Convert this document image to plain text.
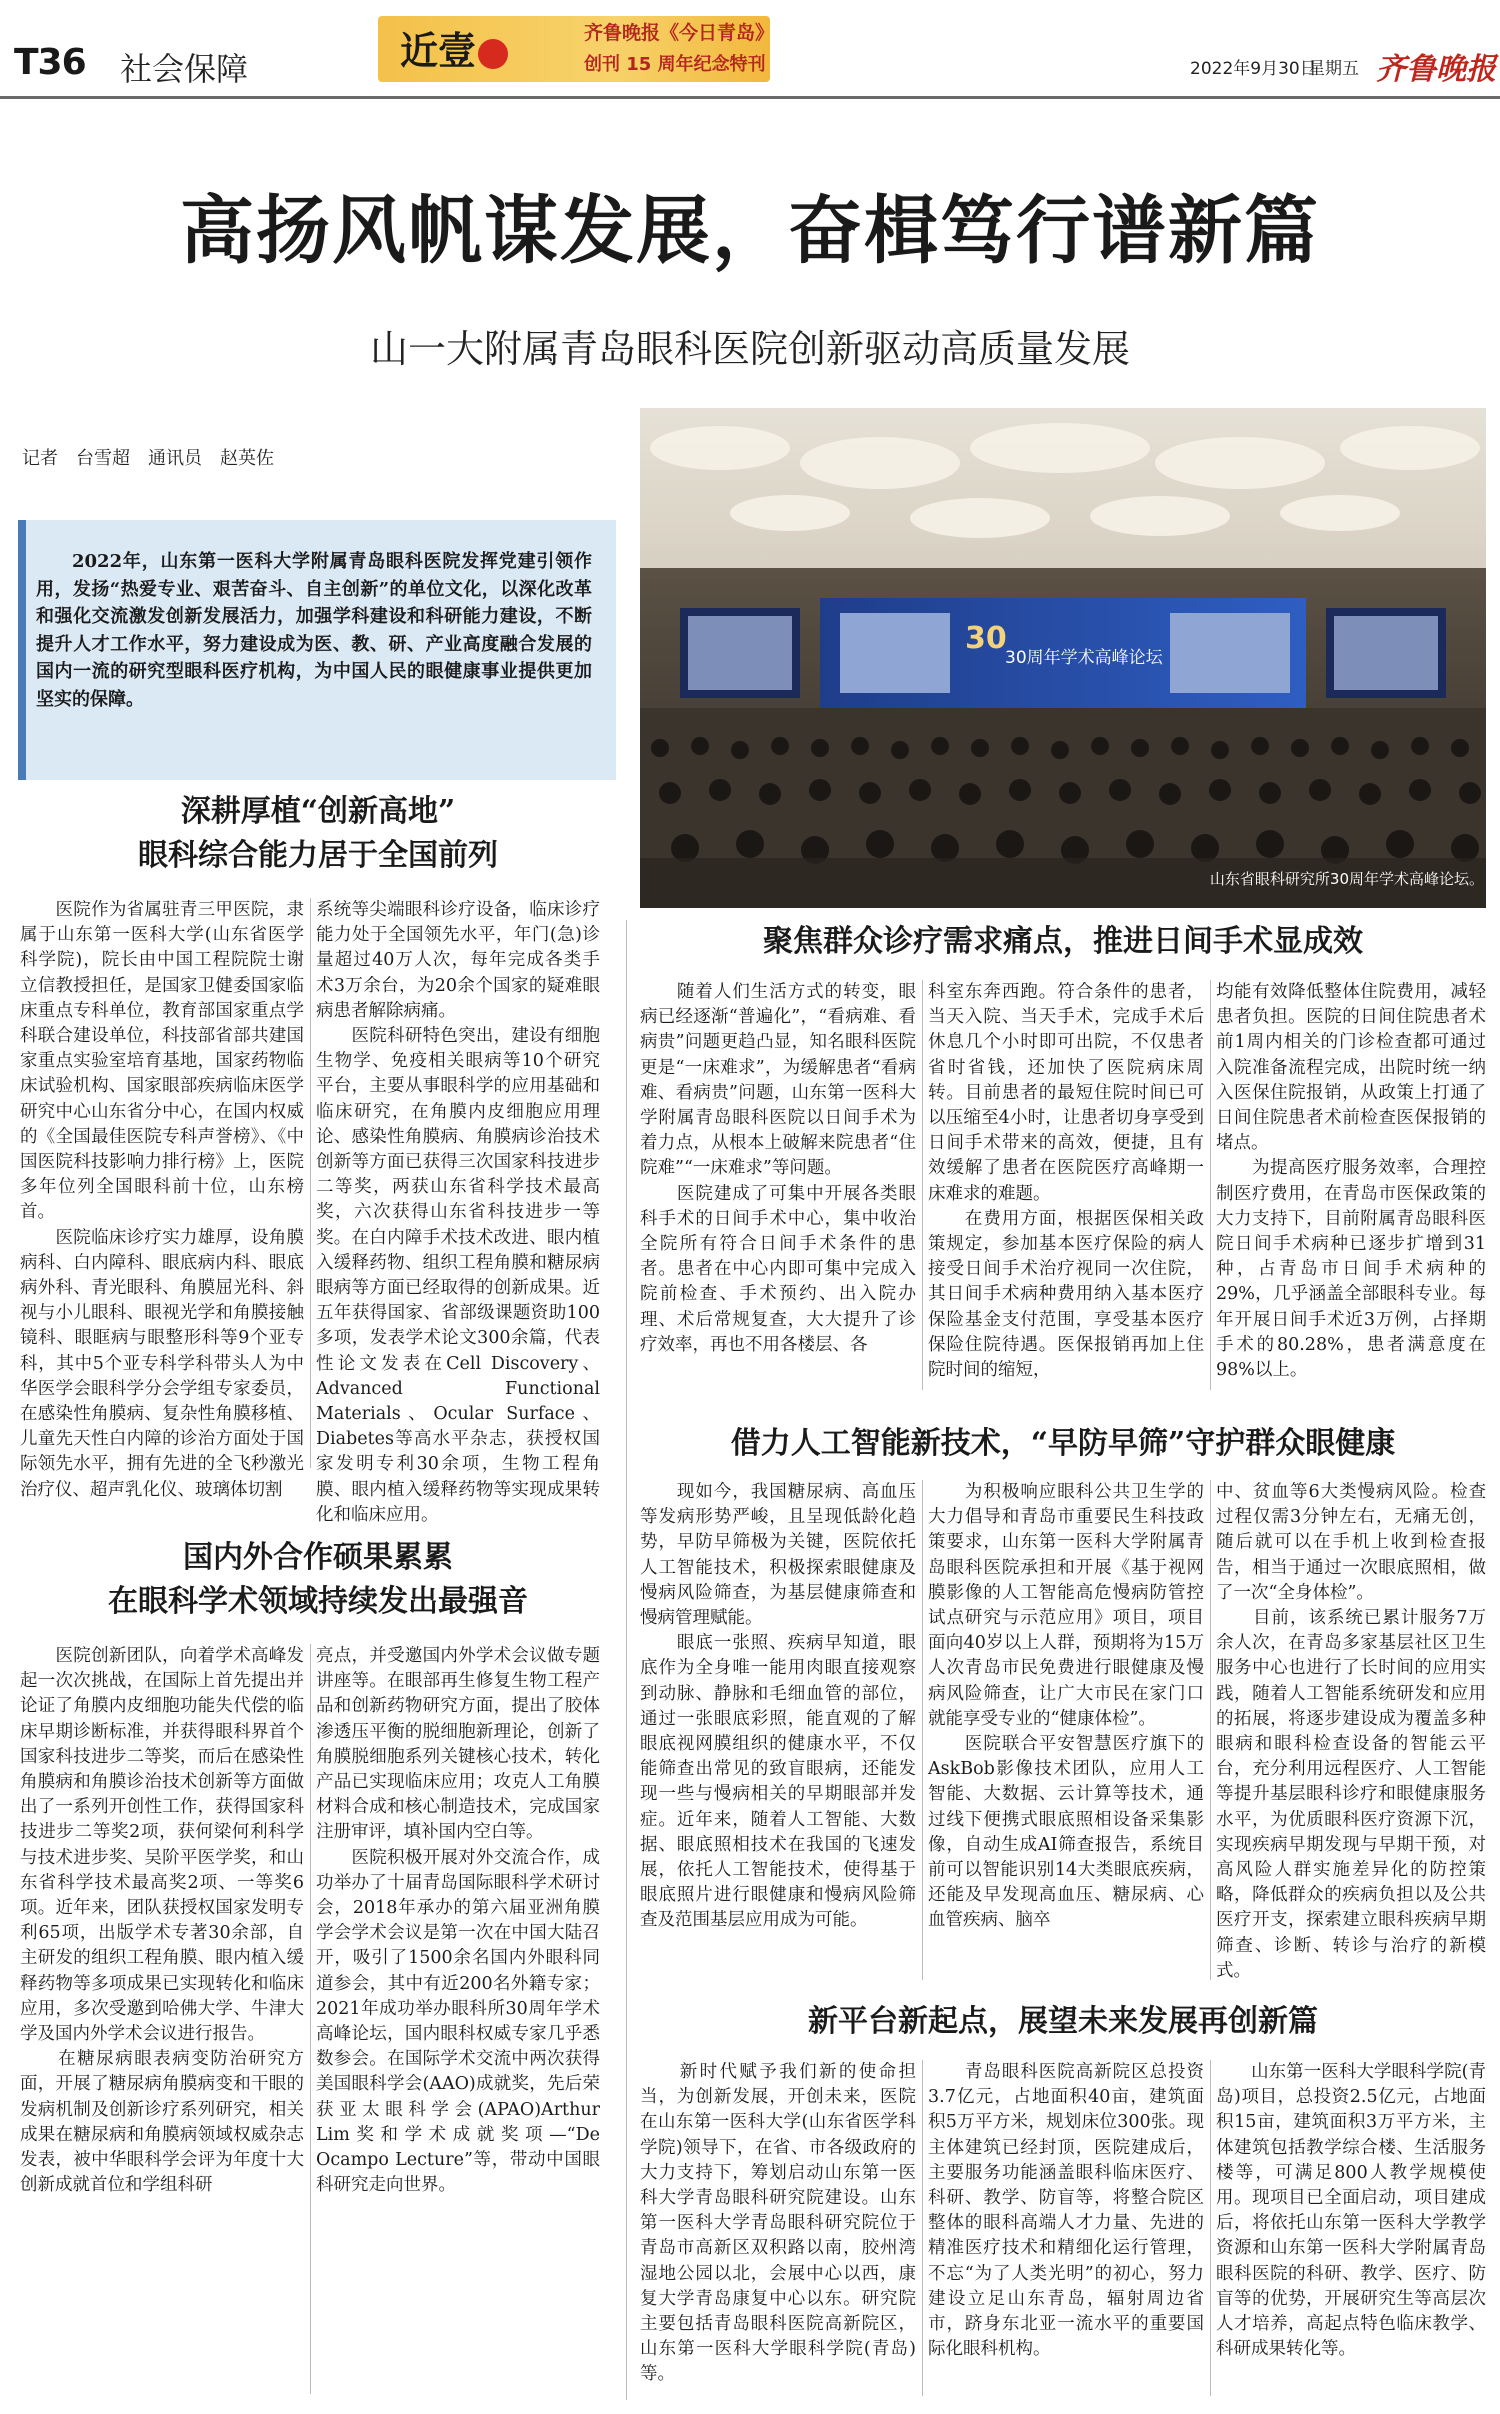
T36 社会保障	近壹	齐鲁晚报《今日青岛》
创刊 15 周年纪念特刊	2022年9月30日
星期五 齐鲁晚报
高扬风帆谋发展，奋楫笃行谱新篇
山一大附属青岛眼科医院创新驱动高质量发展
记者　台雪超　通讯员　赵英佐
2022年，山东第一医科大学附属青岛眼科医院发挥党建引领作用，发扬“热爱专业、艰苦奋斗、自主创新”的单位文化，以深化改革和强化交流激发创新发展活力，加强学科建设和科研能力建设，不断提升人才工作水平，努力建设成为医、教、研、产业高度融合发展的国内一流的研究型眼科医疗机构，为中国人民的眼健康事业提供更加坚实的保障。
30
30周年学术高峰论坛
山东省眼科研究所30周年学术高峰论坛。
深耕厚植“创新高地”
眼科综合能力居于全国前列
　　医院作为省属驻青三甲医院，隶属于山东第一医科大学(山东省医学科学院)，院长由中国工程院院士谢立信教授担任，是国家卫健委国家临床重点专科单位，教育部国家重点学科联合建设单位，科技部省部共建国家重点实验室培育基地，国家药物临床试验机构、国家眼部疾病临床医学研究中心山东省分中心，在国内权威的《全国最佳医院专科声誉榜》、《中国医院科技影响力排行榜》上，医院多年位列全国眼科前十位，山东榜首。
　　医院临床诊疗实力雄厚，设角膜病科、白内障科、眼底病内科、眼底病外科、青光眼科、角膜屈光科、斜视与小儿眼科、眼视光学和角膜接触镜科、眼眶病与眼整形科等9个亚专科，其中5个亚专科学科带头人为中华医学会眼科学分会学组专家委员，在感染性角膜病、复杂性角膜移植、儿童先天性白内障的诊治方面处于国际领先水平，拥有先进的全飞秒激光治疗仪、超声乳化仪、玻璃体切割
系统等尖端眼科诊疗设备，临床诊疗能力处于全国领先水平，年门(急)诊量超过40万人次，每年完成各类手术3万余台，为20余个国家的疑难眼病患者解除病痛。
　　医院科研特色突出，建设有细胞生物学、免疫相关眼病等10个研究平台，主要从事眼科学的应用基础和临床研究，在角膜内皮细胞应用理论、感染性角膜病、角膜病诊治技术创新等方面已获得三次国家科技进步二等奖，两获山东省科学技术最高奖，六次获得山东省科技进步一等奖。在白内障手术技术改进、眼内植入缓释药物、组织工程角膜和糖尿病眼病等方面已经取得的创新成果。近五年获得国家、省部级课题资助100多项，发表学术论文300余篇，代表性论文发表在Cell Discovery、Advanced Functional Materials、Ocular Surface、Diabetes等高水平杂志，获授权国家发明专利30余项，生物工程角膜、眼内植入缓释药物等实现成果转化和临床应用。
国内外合作硕果累累
在眼科学术领域持续发出最强音
　　医院创新团队，向着学术高峰发起一次次挑战，在国际上首先提出并论证了角膜内皮细胞功能失代偿的临床早期诊断标准，并获得眼科界首个国家科技进步二等奖，而后在感染性角膜病和角膜诊治技术创新等方面做出了一系列开创性工作，获得国家科技进步二等奖2项，获何梁何利科学与技术进步奖、吴阶平医学奖，和山东省科学技术最高奖2项、一等奖6项。近年来，团队获授权国家发明专利65项，出版学术专著30余部，自主研发的组织工程角膜、眼内植入缓释药物等多项成果已实现转化和临床应用，多次受邀到哈佛大学、牛津大学及国内外学术会议进行报告。
　　在糖尿病眼表病变防治研究方面，开展了糖尿病角膜病变和干眼的发病机制及创新诊疗系列研究，相关成果在糖尿病和角膜病领域权威杂志发表，被中华眼科学会评为年度十大创新成就首位和学组科研
亮点，并受邀国内外学术会议做专题讲座等。在眼部再生修复生物工程产品和创新药物研究方面，提出了胶体渗透压平衡的脱细胞新理论，创新了角膜脱细胞系列关键核心技术，转化产品已实现临床应用；攻克人工角膜材料合成和核心制造技术，完成国家注册审评，填补国内空白等。
　　医院积极开展对外交流合作，成功举办了十届青岛国际眼科学术研讨会，2018年承办的第六届亚洲角膜学会学术会议是第一次在中国大陆召开，吸引了1500余名国内外眼科同道参会，其中有近200名外籍专家；2021年成功举办眼科所30周年学术高峰论坛，国内眼科权威专家几乎悉数参会。在国际学术交流中两次获得美国眼科学会(AAO)成就奖，先后荣获亚太眼科学会(APAO)Arthur Lim奖和学术成就奖项—“De Ocampo Lecture”等，带动中国眼科研究走向世界。
聚焦群众诊疗需求痛点，推进日间手术显成效
　　随着人们生活方式的转变，眼病已经逐渐“普遍化”，“看病难、看病贵”问题更趋凸显，知名眼科医院更是“一床难求”，为缓解患者“看病难、看病贵”问题，山东第一医科大学附属青岛眼科医院以日间手术为着力点，从根本上破解来院患者“住院难”“一床难求”等问题。
　　医院建成了可集中开展各类眼科手术的日间手术中心，集中收治全院所有符合日间手术条件的患者。患者在中心内即可集中完成入院前检查、手术预约、出入院办理、术后常规复查，大大提升了诊疗效率，再也不用各楼层、各
科室东奔西跑。符合条件的患者，当天入院、当天手术，完成手术后休息几个小时即可出院，不仅患者省时省钱，还加快了医院病床周转。目前患者的最短住院时间已可以压缩至4小时，让患者切身享受到日间手术带来的高效，便捷，且有效缓解了患者在医院医疗高峰期一床难求的难题。
　　在费用方面，根据医保相关政策规定，参加基本医疗保险的病人接受日间手术治疗视同一次住院，其日间手术病种费用纳入基本医疗保险基金支付范围，享受基本医疗保险住院待遇。医保报销再加上住院时间的缩短，
均能有效降低整体住院费用，减轻患者负担。医院的日间住院患者术前1周内相关的门诊检查都可通过入院准备流程完成，出院时统一纳入医保住院报销，从政策上打通了日间住院患者术前检查医保报销的堵点。
　　为提高医疗服务效率，合理控制医疗费用，在青岛市医保政策的大力支持下，目前附属青岛眼科医院日间手术病种已逐步扩增到31种，占青岛市日间手术病种的29%，几乎涵盖全部眼科专业。每年开展日间手术近3万例，占择期手术的80.28%，患者满意度在98%以上。
借力人工智能新技术，“早防早筛”守护群众眼健康
　　现如今，我国糖尿病、高血压等发病形势严峻，且呈现低龄化趋势，早防早筛极为关键，医院依托人工智能技术，积极探索眼健康及慢病风险筛查，为基层健康筛查和慢病管理赋能。
　　眼底一张照、疾病早知道，眼底作为全身唯一能用肉眼直接观察到动脉、静脉和毛细血管的部位，通过一张眼底彩照，能直观的了解眼底视网膜组织的健康水平，不仅能筛查出常见的致盲眼病，还能发现一些与慢病相关的早期眼部并发症。近年来，随着人工智能、大数据、眼底照相技术在我国的飞速发展，依托人工智能技术，使得基于眼底照片进行眼健康和慢病风险筛查及范围基层应用成为可能。
　　为积极响应眼科公共卫生学的大力倡导和青岛市重要民生科技政策要求，山东第一医科大学附属青岛眼科医院承担和开展《基于视网膜影像的人工智能高危慢病防管控试点研究与示范应用》项目，项目面向40岁以上人群，预期将为15万人次青岛市民免费进行眼健康及慢病风险筛查，让广大市民在家门口就能享受专业的“健康体检”。
　　医院联合平安智慧医疗旗下的AskBob影像技术团队，应用人工智能、大数据、云计算等技术，通过线下便携式眼底照相设备采集影像，自动生成AI筛查报告，系统目前可以智能识别14大类眼底疾病，还能及早发现高血压、糖尿病、心血管疾病、脑卒
中、贫血等6大类慢病风险。检查过程仅需3分钟左右，无痛无创，随后就可以在手机上收到检查报告，相当于通过一次眼底照相，做了一次“全身体检”。
　　目前，该系统已累计服务7万余人次，在青岛多家基层社区卫生服务中心也进行了长时间的应用实践，随着人工智能系统研发和应用的拓展，将逐步建设成为覆盖多种眼病和眼科检查设备的智能云平台，充分利用远程医疗、人工智能等提升基层眼科诊疗和眼健康服务水平，为优质眼科医疗资源下沉，实现疾病早期发现与早期干预，对高风险人群实施差异化的防控策略，降低群众的疾病负担以及公共医疗开支，探索建立眼科疾病早期筛查、诊断、转诊与治疗的新模式。
新平台新起点，展望未来发展再创新篇
　　新时代赋予我们新的使命担当，为创新发展，开创未来，医院在山东第一医科大学(山东省医学科学院)领导下，在省、市各级政府的大力支持下，筹划启动山东第一医科大学青岛眼科研究院建设。山东第一医科大学青岛眼科研究院位于青岛市高新区双积路以南，胶州湾湿地公园以北，会展中心以西，康复大学青岛康复中心以东。研究院主要包括青岛眼科医院高新院区，山东第一医科大学眼科学院(青岛)等。
　　青岛眼科医院高新院区总投资3.7亿元，占地面积40亩，建筑面积5万平方米，规划床位300张。现主体建筑已经封顶，医院建成后，主要服务功能涵盖眼科临床医疗、科研、教学、防盲等，将整合院区整体的眼科高端人才力量、先进的精准医疗技术和精细化运行管理，不忘“为了人类光明”的初心，努力建设立足山东青岛，辐射周边省市，跻身东北亚一流水平的重要国际化眼科机构。
　　山东第一医科大学眼科学院(青岛)项目，总投资2.5亿元，占地面积15亩，建筑面积3万平方米，主体建筑包括教学综合楼、生活服务楼等，可满足800人教学规模使用。现项目已全面启动，项目建成后，将依托山东第一医科大学教学资源和山东第一医科大学附属青岛眼科医院的科研、教学、医疗、防盲等的优势，开展研究生等高层次人才培养，高起点特色临床教学、科研成果转化等。
